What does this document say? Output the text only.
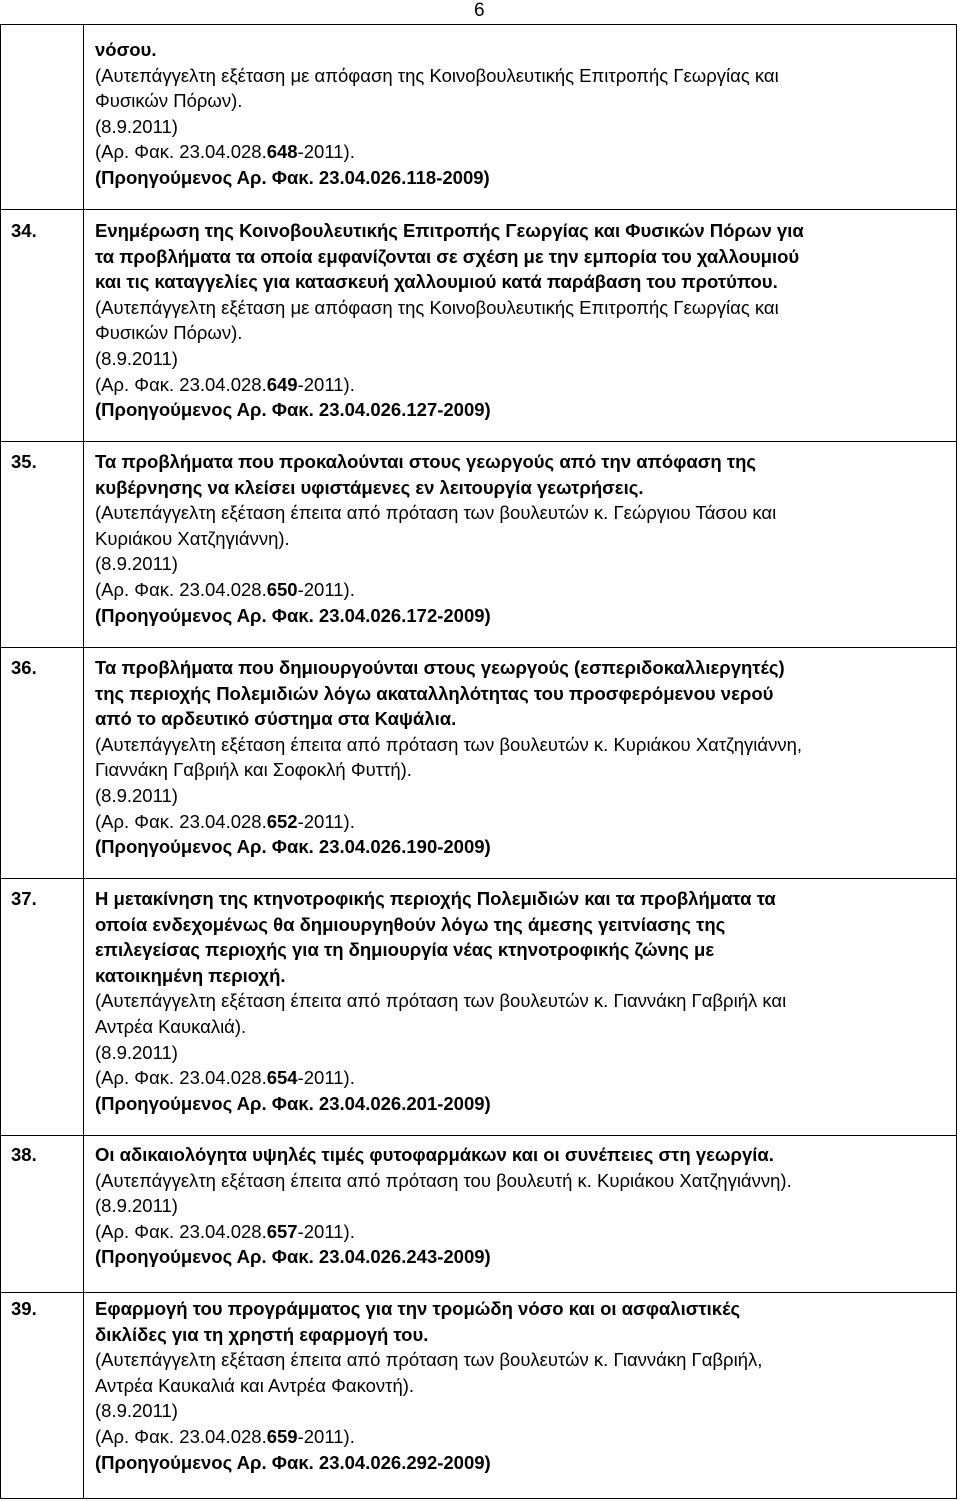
6
νόσου.
(Αυτεπάγγελτη εξέταση με απόφαση της Κοινοβουλευτικής Επιτροπής Γεωργίας και
Φυσικών Πόρων).
(8.9.2011)
(Αρ. Φακ. 23.04.028.648-2011).
(Προηγούμενος Αρ. Φακ. 23.04.026.118-2009)
34.	Ενημέρωση της Κοινοβουλευτικής Επιτροπής Γεωργίας και Φυσικών Πόρων για
τα προβλήματα τα οποία εμφανίζονται σε σχέση με την εμπορία του χαλλουμιού
και τις καταγγελίες για κατασκευή χαλλουμιού κατά παράβαση του προτύπου.
(Αυτεπάγγελτη εξέταση με απόφαση της Κοινοβουλευτικής Επιτροπής Γεωργίας και
Φυσικών Πόρων).
(8.9.2011)
(Αρ. Φακ. 23.04.028.649-2011).
(Προηγούμενος Αρ. Φακ. 23.04.026.127-2009)
35.	Τα προβλήματα που προκαλούνται στους γεωργούς από την απόφαση της
κυβέρνησης να κλείσει υφιστάμενες εν λειτουργία γεωτρήσεις.
(Αυτεπάγγελτη εξέταση έπειτα από πρόταση των βουλευτών κ. Γεώργιου Τάσου και
Κυριάκου Χατζηγιάννη).
(8.9.2011)
(Αρ. Φακ. 23.04.028.650-2011).
(Προηγούμενος Αρ. Φακ. 23.04.026.172-2009)
36.	Τα προβλήματα που δημιουργούνται στους γεωργούς (εσπεριδοκαλλιεργητές)
της περιοχής Πολεμιδιών λόγω ακαταλληλότητας του προσφερόμενου νερού
από το αρδευτικό σύστημα στα Καψάλια.
(Αυτεπάγγελτη εξέταση έπειτα από πρόταση των βουλευτών κ. Κυριάκου Χατζηγιάννη,
Γιαννάκη Γαβριήλ και Σοφοκλή Φυττή).
(8.9.2011)
(Αρ. Φακ. 23.04.028.652-2011).
(Προηγούμενος Αρ. Φακ. 23.04.026.190-2009)
37.	Η μετακίνηση της κτηνοτροφικής περιοχής Πολεμιδιών και τα προβλήματα τα
οποία ενδεχομένως θα δημιουργηθούν λόγω της άμεσης γειτνίασης της
επιλεγείσας περιοχής για τη δημιουργία νέας κτηνοτροφικής ζώνης με
κατοικημένη περιοχή.
(Αυτεπάγγελτη εξέταση έπειτα από πρόταση των βουλευτών κ. Γιαννάκη Γαβριήλ και
Αντρέα Καυκαλιά).
(8.9.2011)
(Αρ. Φακ. 23.04.028.654-2011).
(Προηγούμενος Αρ. Φακ. 23.04.026.201-2009)
38.	Οι αδικαιολόγητα υψηλές τιμές φυτοφαρμάκων και οι συνέπειες στη γεωργία.
(Αυτεπάγγελτη εξέταση έπειτα από πρόταση του βουλευτή κ. Κυριάκου Χατζηγιάννη).
(8.9.2011)
(Αρ. Φακ. 23.04.028.657-2011).
(Προηγούμενος Αρ. Φακ. 23.04.026.243-2009)
39.	Εφαρμογή του προγράμματος για την τρομώδη νόσο και οι ασφαλιστικές
δικλίδες για τη χρηστή εφαρμογή του.
(Αυτεπάγγελτη εξέταση έπειτα από πρόταση των βουλευτών κ. Γιαννάκη Γαβριήλ,
Αντρέα Καυκαλιά και Αντρέα Φακοντή).
(8.9.2011)
(Αρ. Φακ. 23.04.028.659-2011).
(Προηγούμενος Αρ. Φακ. 23.04.026.292-2009)
